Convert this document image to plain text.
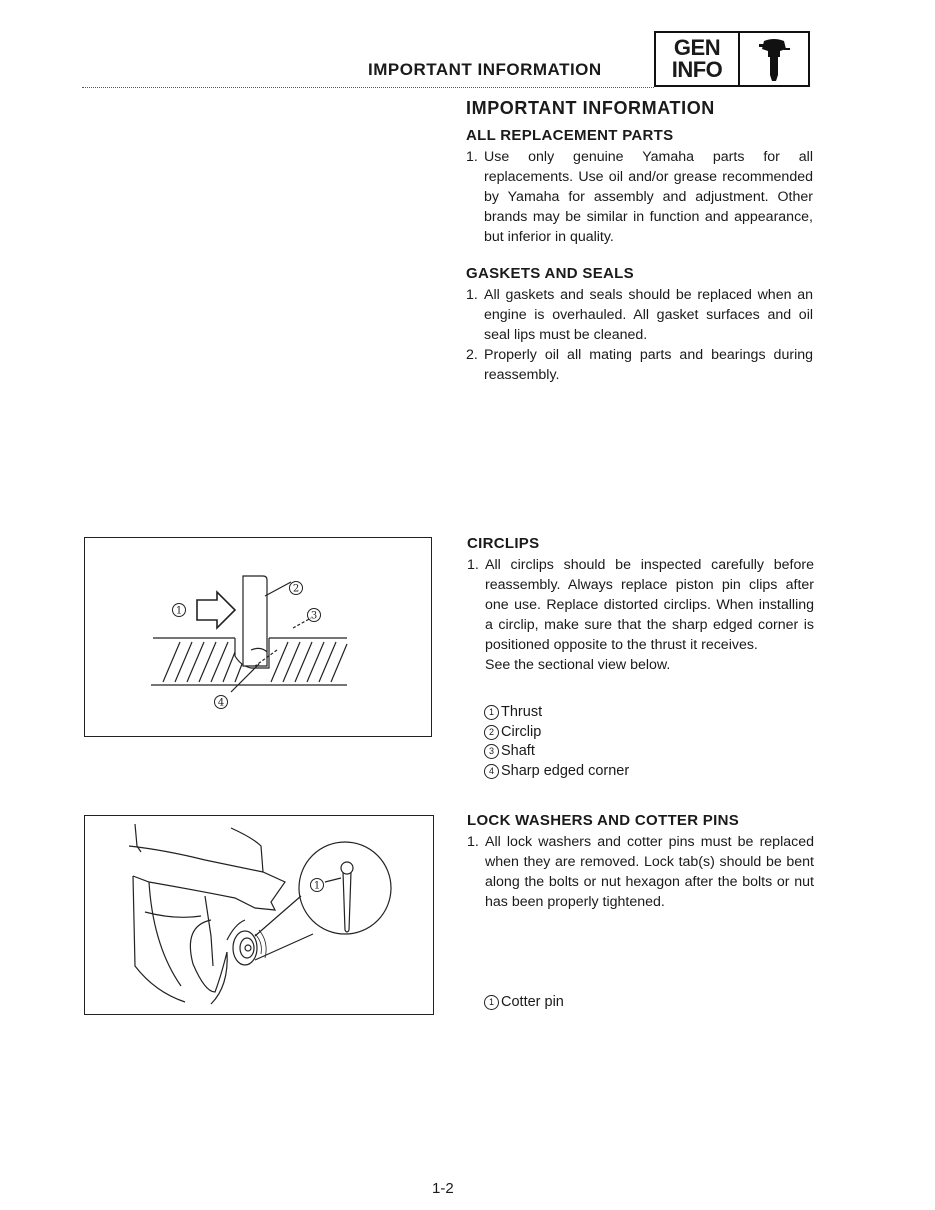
IMPORTANT INFORMATION
GEN
INFO
IMPORTANT INFORMATION
ALL REPLACEMENT PARTS
1. Use only genuine Yamaha parts for all replacements. Use oil and/or grease recommended by Yamaha for assembly and adjustment. Other brands may be similar in function and appearance, but inferior in quality.
GASKETS AND SEALS
1. All gaskets and seals should be replaced when an engine is overhauled. All gasket surfaces and oil seal lips must be cleaned.
2. Properly oil all mating parts and bearings during reassembly.
1
2
3
4
CIRCLIPS
1. All circlips should be inspected carefully before reassembly. Always replace piston pin clips after one use. Replace distorted circlips. When installing a circlip, make sure that the sharp edged corner is positioned opposite to the thrust it receives.
See the sectional view below.
1 Thrust
2 Circlip
3 Shaft
4 Sharp edged corner
1
LOCK WASHERS AND COTTER PINS
1. All lock washers and cotter pins must be replaced when they are removed. Lock tab(s) should be bent along the bolts or nut hexagon after the bolts or nut has been properly tightened.
1 Cotter pin
1-2
